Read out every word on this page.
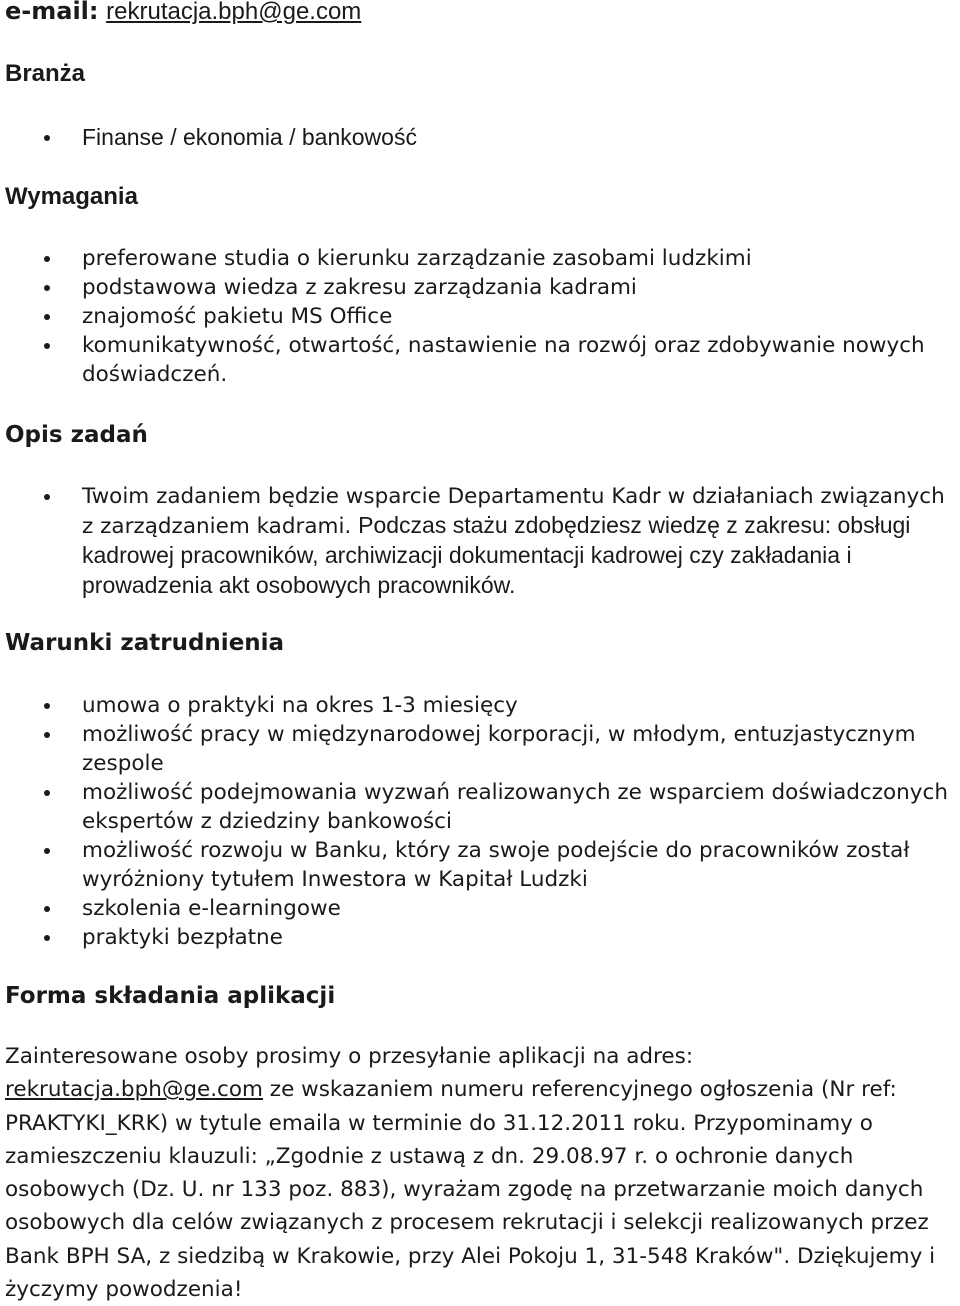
e-mail: rekrutacja.bph@ge.com
Branża
Finanse / ekonomia / bankowość
Wymagania
preferowane studia o kierunku zarządzanie zasobami ludzkimi
podstawowa wiedza z zakresu zarządzania kadrami
znajomość pakietu MS Office
komunikatywność, otwartość, nastawienie na rozwój oraz zdobywanie nowych doświadczeń.
Opis zadań
Twoim zadaniem będzie wsparcie Departamentu Kadr w działaniach związanych z zarządzaniem kadrami. Podczas stażu zdobędziesz wiedzę z zakresu: obsługi kadrowej pracowników, archiwizacji dokumentacji kadrowej czy zakładania i prowadzenia akt osobowych pracowników.
Warunki zatrudnienia
umowa o praktyki na okres 1-3 miesięcy
możliwość pracy w międzynarodowej korporacji, w młodym, entuzjastycznym zespole
możliwość podejmowania wyzwań realizowanych ze wsparciem doświadczonych ekspertów z dziedziny bankowości
możliwość rozwoju w Banku, który za swoje podejście do pracowników został wyróżniony tytułem Inwestora w Kapitał Ludzki
szkolenia e-learningowe
praktyki bezpłatne
Forma składania aplikacji

Zainteresowane osoby prosimy o przesyłanie aplikacji na adres:
rekrutacja.bph@ge.com ze wskazaniem numeru referencyjnego ogłoszenia (Nr ref: PRAKTYKI_KRK) w tytule emaila w terminie do 31.12.2011 roku. Przypominamy o zamieszczeniu klauzuli: „Zgodnie z ustawą z dn. 29.08.97 r. o ochronie danych osobowych (Dz. U. nr 133 poz. 883), wyrażam zgodę na przetwarzanie moich danych osobowych dla celów związanych z procesem rekrutacji i selekcji realizowanych przez Bank BPH SA, z siedzibą w Krakowie, przy Alei Pokoju 1, 31-548 Kraków". Dziękujemy i życzymy powodzenia!
